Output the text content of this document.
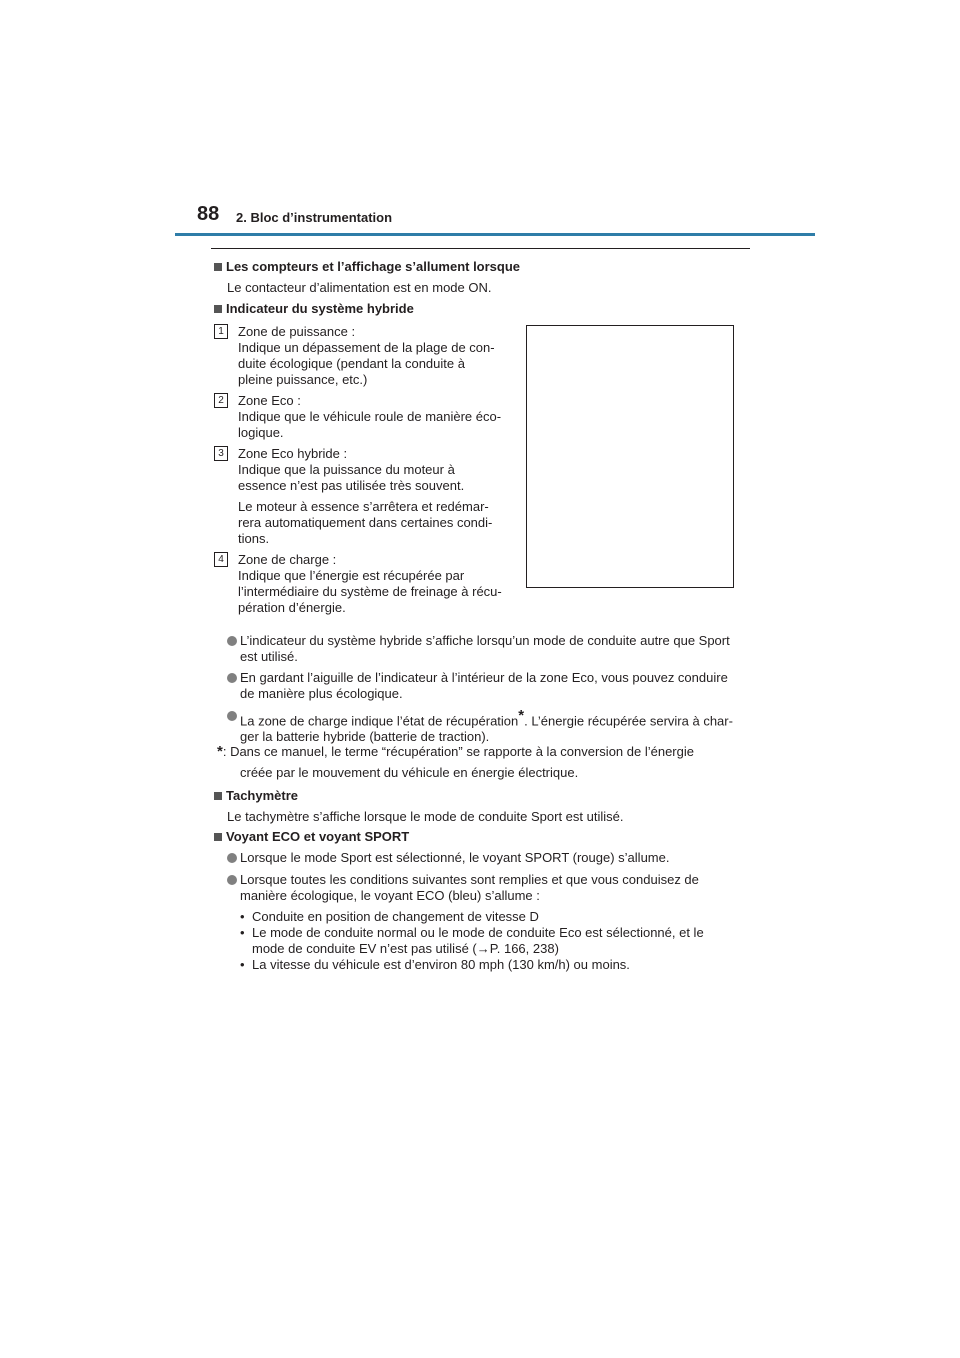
88 2. Bloc d’instrumentation
Les compteurs et l’affichage s’allument lorsque
Le contacteur d’alimentation est en mode ON.
Indicateur du système hybride
1	Zone de puissance :
Indique un dépassement de la plage de con-
duite écologique (pendant la conduite à
pleine puissance, etc.)
2	Zone Eco :
Indique que le véhicule roule de manière éco-
logique.
3	Zone Eco hybride :
Indique que la puissance du moteur à
essence n’est pas utilisée très souvent.
Le moteur à essence s’arrêtera et redémar-
rera automatiquement dans certaines condi-
tions.
4	Zone de charge :
Indique que l’énergie est récupérée par
l’intermédiaire du système de freinage à récu-
pération d’énergie.
L’indicateur du système hybride s’affiche lorsqu’un mode de conduite autre que Sport
est utilisé.
En gardant l’aiguille de l’indicateur à l’intérieur de la zone Eco, vous pouvez conduire
de manière plus écologique.
La zone de charge indique l’état de récupération*. L’énergie récupérée servira à char-
ger la batterie hybride (batterie de traction).
*: Dans ce manuel, le terme “récupération” se rapporte à la conversion de l’énergie
créée par le mouvement du véhicule en énergie électrique.
Tachymètre
Le tachymètre s’affiche lorsque le mode de conduite Sport est utilisé.
Voyant ECO et voyant SPORT
Lorsque le mode Sport est sélectionné, le voyant SPORT (rouge) s’allume.
Lorsque toutes les conditions suivantes sont remplies et que vous conduisez de
manière écologique, le voyant ECO (bleu) s’allume :
• Conduite en position de changement de vitesse D
• Le mode de conduite normal ou le mode de conduite Eco est sélectionné, et le
mode de conduite EV n’est pas utilisé (→P. 166, 238)
• La vitesse du véhicule est d’environ 80 mph (130 km/h) ou moins.
